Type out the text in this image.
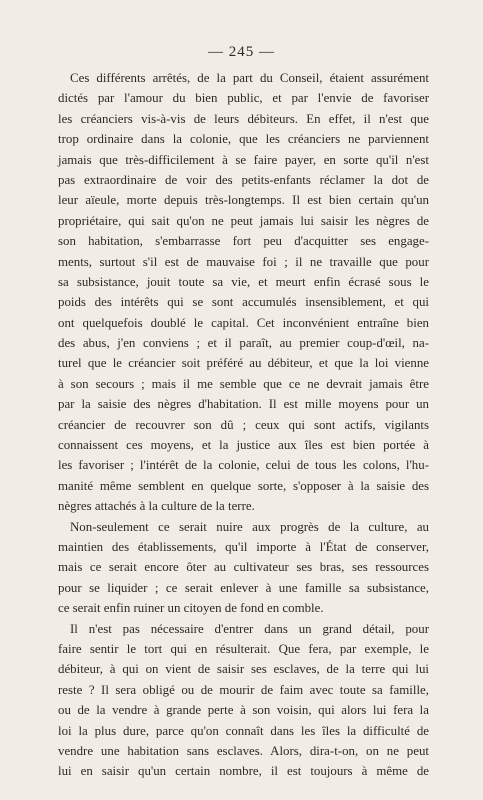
— 245 —
Ces différents arrêtés, de la part du Conseil, étaient assurément
dictés par l'amour du bien public, et par l'envie de favoriser
les créanciers vis-à-vis de leurs débiteurs. En effet, il n'est que
trop ordinaire dans la colonie, que les créanciers ne parviennent
jamais que très-difficilement à se faire payer, en sorte qu'il n'est
pas extraordinaire de voir des petits-enfants réclamer la dot de
leur aïeule, morte depuis très-longtemps. Il est bien certain qu'un
propriétaire, qui sait qu'on ne peut jamais lui saisir les nègres de
son habitation, s'embarrasse fort peu d'acquitter ses engage-
ments, surtout s'il est de mauvaise foi ; il ne travaille que pour
sa subsistance, jouit toute sa vie, et meurt enfin écrasé sous le
poids des intérêts qui se sont accumulés insensiblement, et qui
ont quelquefois doublé le capital. Cet inconvénient entraîne bien
des abus, j'en conviens ; et il paraît, au premier coup-d'œil, na-
turel que le créancier soit préféré au débiteur, et que la loi vienne
à son secours ; mais il me semble que ce ne devrait jamais être
par la saisie des nègres d'habitation. Il est mille moyens pour un
créancier de recouvrer son dû ; ceux qui sont actifs, vigilants
connaissent ces moyens, et la justice aux îles est bien portée à
les favoriser ; l'intérêt de la colonie, celui de tous les colons, l'hu-
manité même semblent en quelque sorte, s'opposer à la saisie des
nègres attachés à la culture de la terre.
Non-seulement ce serait nuire aux progrès de la culture, au
maintien des établissements, qu'il importe à l'État de conserver,
mais ce serait encore ôter au cultivateur ses bras, ses ressources
pour se liquider ; ce serait enlever à une famille sa subsistance,
ce serait enfin ruiner un citoyen de fond en comble.
Il n'est pas nécessaire d'entrer dans un grand détail, pour
faire sentir le tort qui en résulterait. Que fera, par exemple, le
débiteur, à qui on vient de saisir ses esclaves, de la terre qui lui
reste ? Il sera obligé ou de mourir de faim avec toute sa famille,
ou de la vendre à grande perte à son voisin, qui alors lui fera la
loi la plus dure, parce qu'on connaît dans les îles la difficulté de
vendre une habitation sans esclaves. Alors, dira-t-on, on ne peut
lui en saisir qu'un certain nombre, il est toujours à même de
